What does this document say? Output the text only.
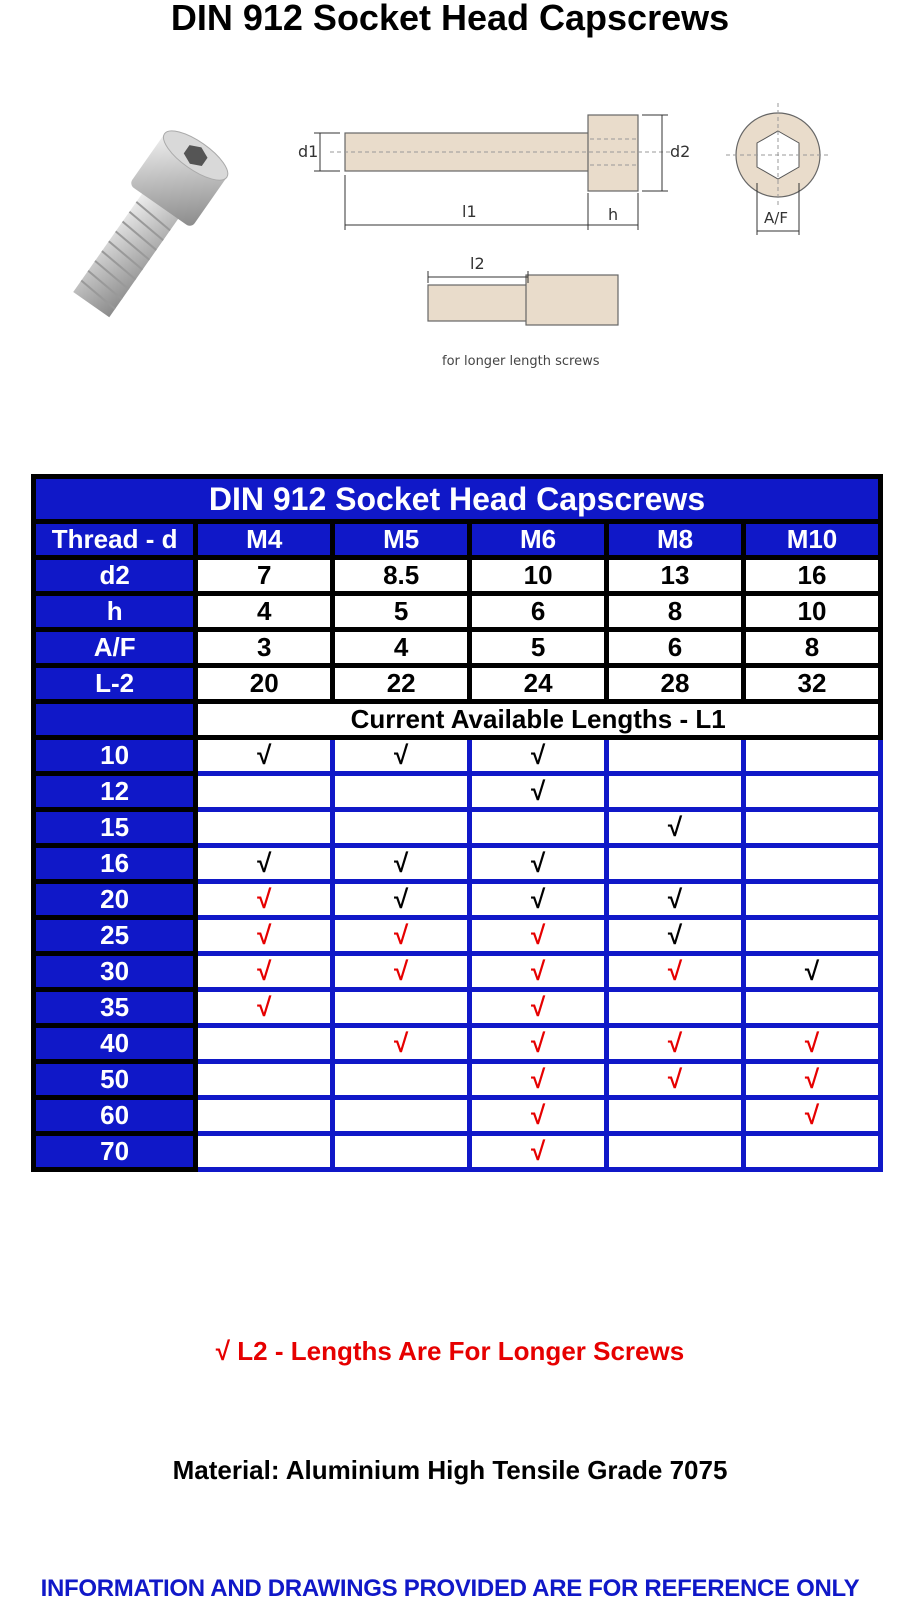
DIN 912 Socket Head Capscrews
d1	d2
l1	h	A/F
l2
for longer length screws
DIN 912 Socket Head Capscrews					
Thread - d	M4	M5	M6	M8	M10
d2	7	8.5	10	13	16
h	4	5	6	8	10
A/F	3	4	5	6	8
L-2	20	22	24	28	32
	Current Available Lengths - L1				
10	√	√	√		
12			√		
15				√	
16	√	√	√		
20	√	√	√	√	
25	√	√	√	√	
30	√	√	√	√	√
35	√		√		
40		√	√	√	√
50			√	√	√
60			√		√
70			√		
√ L2 - Lengths Are For Longer Screws
Material: Aluminium High Tensile Grade 7075
INFORMATION AND DRAWINGS PROVIDED ARE FOR REFERENCE ONLY
